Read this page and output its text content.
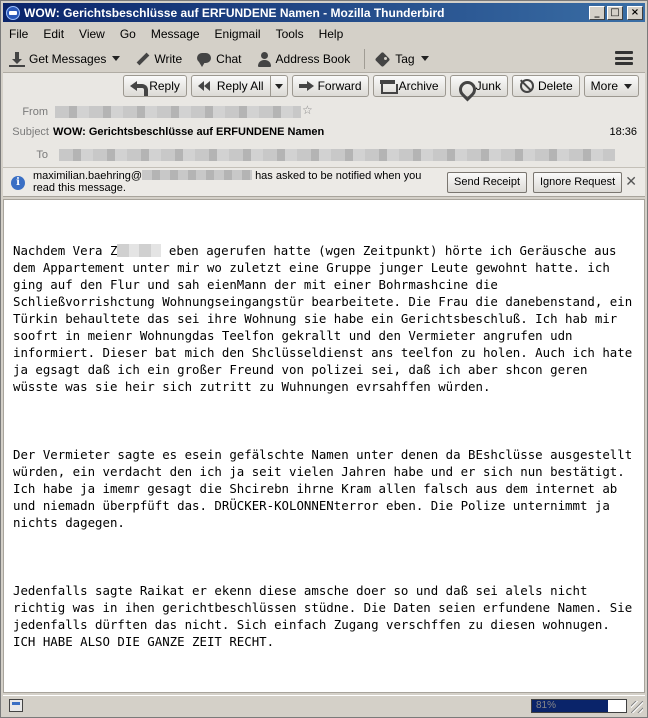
WOW: Gerichtsbeschlüsse auf ERFUNDENE Namen - Mozilla Thunderbird	_	□	×
File Edit View Go Message Enigmail Tools Help
Get Messages	Write	Chat	Address Book	Tag
Reply	Reply All	Forward	Archive	Junk	Delete More
From	☆
Subject WOW: Gerichtsbeschlüsse auf ERFUNDENE Namen	18:36
To
i
maximilian.baehring@	has asked to be notified when you read this message.	Send Receipt	Ignore Request ✕

Nachdem Vera Z	eben agerufen hatte (wgen Zeitpunkt) hörte ich Geräusche aus dem Appartement unter mir wo zuletzt eine Gruppe junger Leute gewohnt hatte. ich ging auf den Flur und sah eienMann der mit einer Bohrmashcine die Schließvorrishctung Wohnungseingangstür bearbeitete. Die Frau die danebenstand, ein Türkin behaultete das sei ihre Wohnung sie habe ein Gerichtsbeschluß. Ich hab mir soofrt in meienr Wohnungdas Teelfon gekrallt und den Vermieter angrufen udn informiert. Dieser bat mich den Shclüsseldienst ans teelfon zu holen. Auch ich hate ja egsagt daß ich ein großer Freund von polizei sei, daß ich aber shcon geren wüsste was sie heir sich zutritt zu Wuhnungen evrsahffen würden.

Der Vermieter sagte es esein gefälschte Namen unter denen da BEshclüsse ausgestellt würden, ein verdacht den ich ja seit vielen Jahren habe und er sich nun bestätigt. Ich habe ja imemr gesagt die Shcirebn ihrne Kram allen falsch aus dem internet ab und niemadn überpfüft das. DRÜCKER-KOLONNENterror eben. Die Polize unternimmt ja nichts dagegen.

Jedenfalls sagte Raikat er ekenn diese amsche doer so und daß sei alels nicht richtig was in ihen gerichtbeschlüssen stüdne. Die Daten seien erfundene Namen. Sie jedenfalls dürften das nicht. Sich einfach Zugang verschffen zu diesen wohnugen. ICH HABE ALSO DIE GANZE ZEIT RECHT.

81%
